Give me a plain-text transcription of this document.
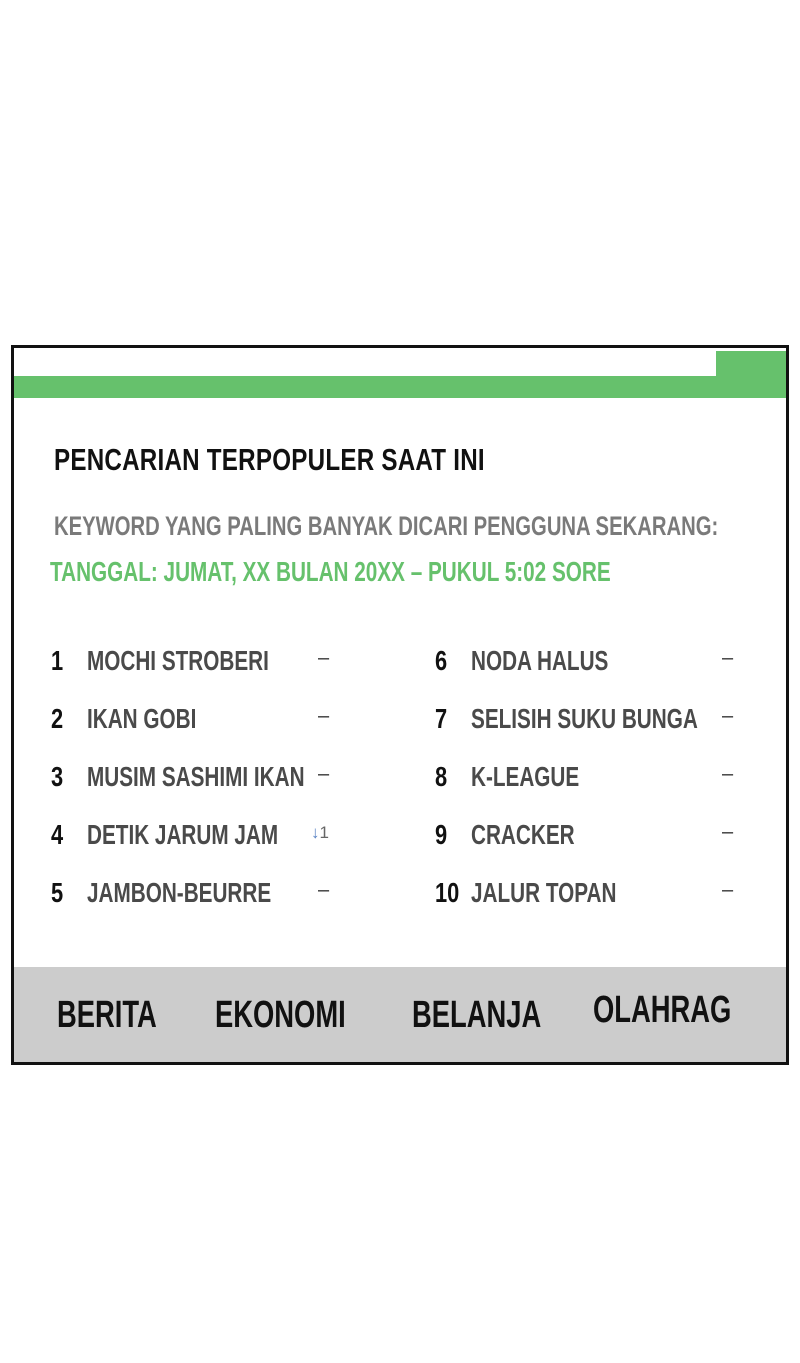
PENCARIAN TERPOPULER SAAT INI
KEYWORD YANG PALING BANYAK DICARI PENGGUNA SEKARANG:
TANGGAL: JUMAT, XX BULAN 20XX – PUKUL 5:02 SORE
1 MOCHI STROBERI –
2 IKAN GOBI	–
3 MUSIM SASHIMI IKAN –
4 DETIK JARUM JAM ↓1
5 JAMBON-BEURRE –
6 NODA HALUS	–
7 SELISIH SUKU BUNGA –
8 K-LEAGUE	–
9 CRACKER	–
10 JALUR TOPAN	–
BERITA EKONOMI BELANJA OLAHRAG
